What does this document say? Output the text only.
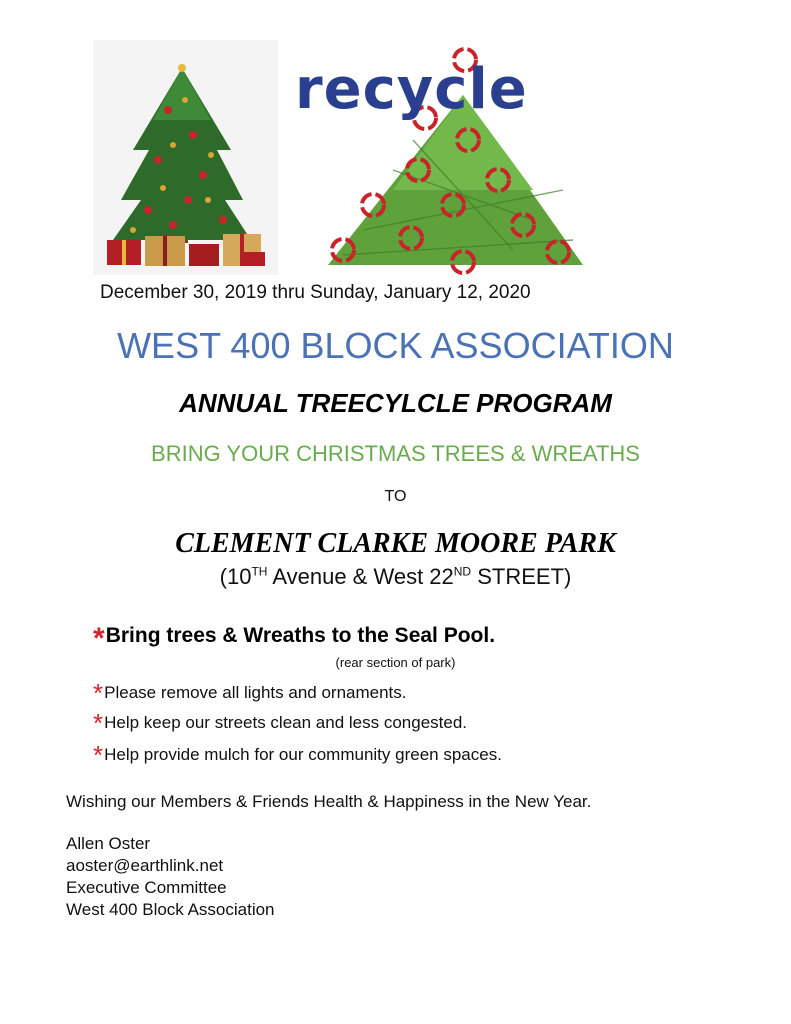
recycle
December 30, 2019 thru Sunday, January 12, 2020
WEST 400 BLOCK ASSOCIATION
ANNUAL TREECYLCLE PROGRAM
BRING YOUR CHRISTMAS TREES & WREATHS
TO
CLEMENT CLARKE MOORE PARK
(10TH Avenue & West 22ND STREET)
*Bring trees & Wreaths to the Seal Pool.
(rear section of park)
*Please remove all lights and ornaments.
*Help keep our streets clean and less congested.
*Help provide mulch for our community green spaces.
Wishing our Members & Friends Health & Happiness in the New Year.
Allen Oster
aoster@earthlink.net
Executive Committee
West 400 Block Association
